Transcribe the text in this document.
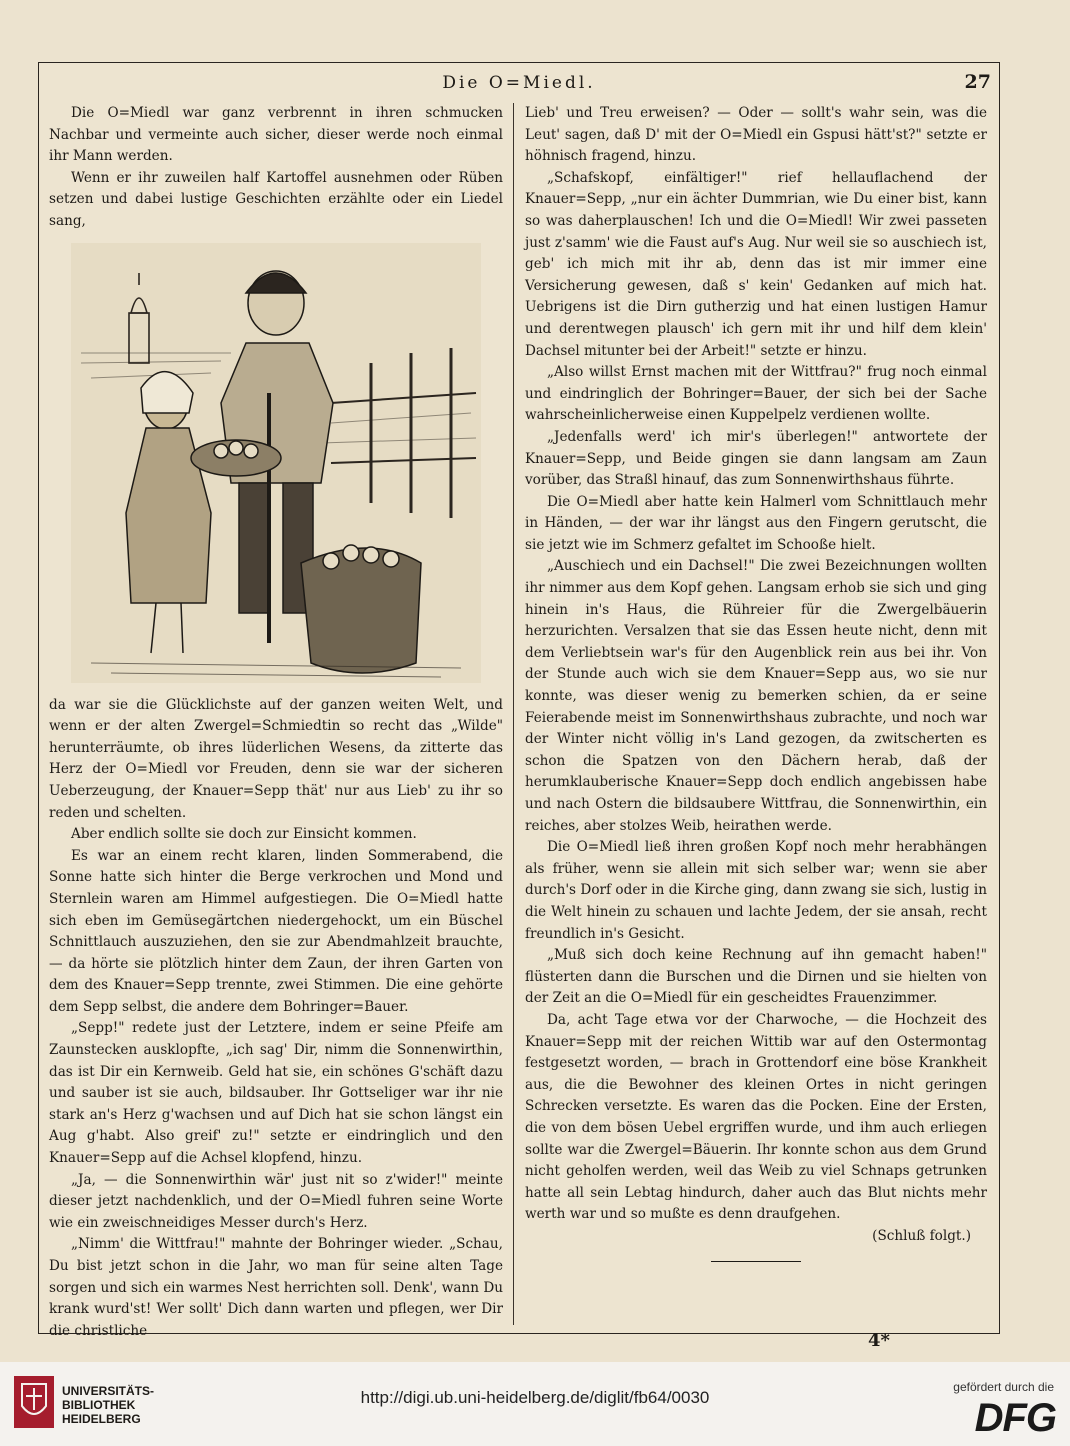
Die O=Miedl.	27

Die O=Miedl war ganz verbrennt in ihren schmucken Nachbar und vermeinte auch sicher, dieser werde noch einmal ihr Mann werden.

Wenn er ihr zuweilen half Kartoffel ausnehmen oder Rüben setzen und dabei lustige Geschichten erzählte oder ein Liedel sang,

da war sie die Glücklichste auf der ganzen weiten Welt, und wenn er der alten Zwergel=Schmiedtin so recht das „Wilde" herunterräumte, ob ihres lüderlichen Wesens, da zitterte das Herz der O=Miedl vor Freuden, denn sie war der sicheren Ueberzeugung, der Knauer=Sepp thät' nur aus Lieb' zu ihr so reden und schelten.

Aber endlich sollte sie doch zur Einsicht kommen.

Es war an einem recht klaren, linden Sommerabend, die Sonne hatte sich hinter die Berge verkrochen und Mond und Sternlein waren am Himmel aufgestiegen. Die O=Miedl hatte sich eben im Gemüsegärtchen niedergehockt, um ein Büschel Schnittlauch auszuziehen, den sie zur Abendmahlzeit brauchte, — da hörte sie plötzlich hinter dem Zaun, der ihren Garten von dem des Knauer=Sepp trennte, zwei Stimmen. Die eine gehörte dem Sepp selbst, die andere dem Bohringer=Bauer.

„Sepp!" redete just der Letztere, indem er seine Pfeife am Zaunstecken ausklopfte, „ich sag' Dir, nimm die Sonnenwirthin, das ist Dir ein Kernweib. Geld hat sie, ein schönes G'schäft dazu und sauber ist sie auch, bildsauber. Ihr Gottseliger war ihr nie stark an's Herz g'wachsen und auf Dich hat sie schon längst ein Aug g'habt. Also greif' zu!" setzte er eindringlich und den Knauer=Sepp auf die Achsel klopfend, hinzu.

„Ja, — die Sonnenwirthin wär' just nit so z'wider!" meinte dieser jetzt nachdenklich, und der O=Miedl fuhren seine Worte wie ein zweischneidiges Messer durch's Herz.

„Nimm' die Wittfrau!" mahnte der Bohringer wieder. „Schau, Du bist jetzt schon in die Jahr, wo man für seine alten Tage sorgen und sich ein warmes Nest herrichten soll. Denk', wann Du krank wurd'st! Wer sollt' Dich dann warten und pflegen, wer Dir die christliche

Lieb' und Treu erweisen? — Oder — sollt's wahr sein, was die Leut' sagen, daß D' mit der O=Miedl ein Gspusi hätt'st?" setzte er höhnisch fragend, hinzu.

„Schafskopf, einfältiger!" rief hellauflachend der Knauer=Sepp, „nur ein ächter Dummrian, wie Du einer bist, kann so was daherplauschen! Ich und die O=Miedl! Wir zwei passeten just z'samm' wie die Faust auf's Aug. Nur weil sie so auschiech ist, geb' ich mich mit ihr ab, denn das ist mir immer eine Versicherung gewesen, daß s' kein' Gedanken auf mich hat. Uebrigens ist die Dirn gutherzig und hat einen lustigen Hamur und derentwegen plausch' ich gern mit ihr und hilf dem klein' Dachsel mitunter bei der Arbeit!" setzte er hinzu.

„Also willst Ernst machen mit der Wittfrau?" frug noch einmal und eindringlich der Bohringer=Bauer, der sich bei der Sache wahrscheinlicherweise einen Kuppelpelz verdienen wollte.

„Jedenfalls werd' ich mir's überlegen!" antwortete der Knauer=Sepp, und Beide gingen sie dann langsam am Zaun vorüber, das Straßl hinauf, das zum Sonnenwirthshaus führte.

Die O=Miedl aber hatte kein Halmerl vom Schnittlauch mehr in Händen, — der war ihr längst aus den Fingern gerutscht, die sie jetzt wie im Schmerz gefaltet im Schooße hielt.

„Auschiech und ein Dachsel!" Die zwei Bezeichnungen wollten ihr nimmer aus dem Kopf gehen. Langsam erhob sie sich und ging hinein in's Haus, die Rühreier für die Zwergelbäuerin herzurichten. Versalzen that sie das Essen heute nicht, denn mit dem Verliebtsein war's für den Augenblick rein aus bei ihr. Von der Stunde auch wich sie dem Knauer=Sepp aus, wo sie nur konnte, was dieser wenig zu bemerken schien, da er seine Feierabende meist im Sonnenwirthshaus zubrachte, und noch war der Winter nicht völlig in's Land gezogen, da zwitscherten es schon die Spatzen von den Dächern herab, daß der herumklauberische Knauer=Sepp doch endlich angebissen habe und nach Ostern die bildsaubere Wittfrau, die Sonnenwirthin, ein reiches, aber stolzes Weib, heirathen werde.

Die O=Miedl ließ ihren großen Kopf noch mehr herabhängen als früher, wenn sie allein mit sich selber war; wenn sie aber durch's Dorf oder in die Kirche ging, dann zwang sie sich, lustig in die Welt hinein zu schauen und lachte Jedem, der sie ansah, recht freundlich in's Gesicht.

„Muß sich doch keine Rechnung auf ihn gemacht haben!" flüsterten dann die Burschen und die Dirnen und sie hielten von der Zeit an die O=Miedl für ein gescheidtes Frauenzimmer.

Da, acht Tage etwa vor der Charwoche, — die Hochzeit des Knauer=Sepp mit der reichen Wittib war auf den Ostermontag festgesetzt worden, — brach in Grottendorf eine böse Krankheit aus, die die Bewohner des kleinen Ortes in nicht geringen Schrecken versetzte. Es waren das die Pocken. Eine der Ersten, die von dem bösen Uebel ergriffen wurde, und ihm auch erliegen sollte war die Zwergel=Bäuerin. Ihr konnte schon aus dem Grund nicht geholfen werden, weil das Weib zu viel Schnaps getrunken hatte all sein Lebtag hindurch, daher auch das Blut nichts mehr werth war und so mußte es denn draufgehen.

(Schluß folgt.)
4*
UNIVERSITÄTS-
BIBLIOTHEK
HEIDELBERG
http://digi.ub.uni-heidelberg.de/diglit/fb64/0030
gefördert durch die
DFG
